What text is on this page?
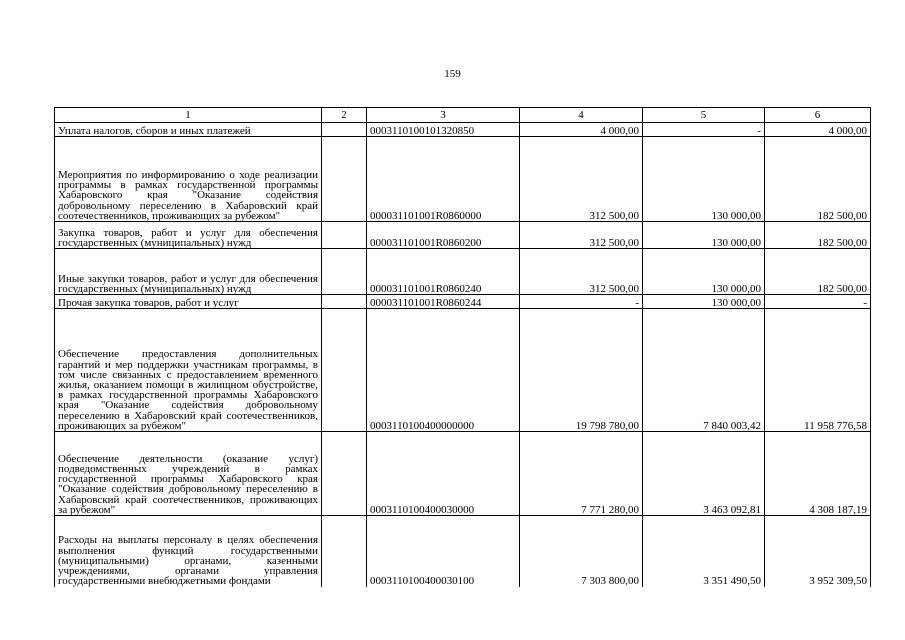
159
1	2	3	4	5	6
Уплата налогов, сборов и иных платежей		0003110100101320850	4 000,00	-	4 000,00
Мероприятия по информированию о ходе реализации программы в рамках государственной программы Хабаровского края "Оказание содействия добровольному переселению в Хабаровский край соотечественников, проживающих за рубежом"		000031101001R0860000	312 500,00	130 000,00	182 500,00
Закупка товаров, работ и услуг для обеспечения государственных (муниципальных) нужд		000031101001R0860200	312 500,00	130 000,00	182 500,00
Иные закупки товаров, работ и услуг для обеспечения государственных (муниципальных) нужд		000031101001R0860240	312 500,00	130 000,00	182 500,00
Прочая закупка товаров, работ и услуг		000031101001R0860244	-	130 000,00	-
Обеспечение предоставления дополнительных гарантий и мер поддержки участникам программы, в том числе связанных с предоставлением временного жилья, оказанием помощи в жилищном обустройстве, в рамках государственной программы Хабаровского края "Оказание содействия добровольному переселению в Хабаровский край соотечественников, проживающих за рубежом"		0003110100400000000	19 798 780,00	7 840 003,42	11 958 776,58
Обеспечение деятельности (оказание услуг) подведомственных учреждений в рамках государственной программы Хабаровского края "Оказание содействия добровольному переселению в Хабаровский край соотечественников, проживающих за рубежом"		0003110100400030000	7 771 280,00	3 463 092,81	4 308 187,19
Расходы на выплаты персоналу в целях обеспечения выполнения функций государственными (муниципальными) органами, казенными учреждениями, органами управления государственными внебюджетными фондами		0003110100400030100	7 303 800,00	3 351 490,50	3 952 309,50
